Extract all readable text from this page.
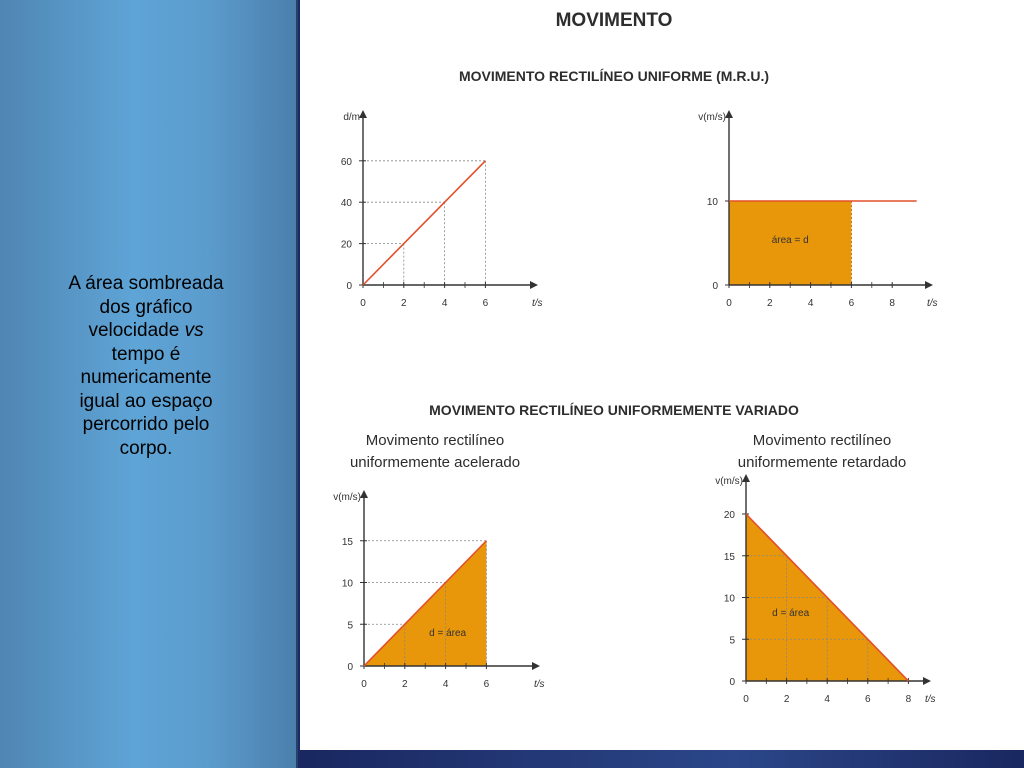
A área sombreada dos gráfico velocidade vs tempo é numericamente igual ao espaço percorrido pelo corpo.
MOVIMENTO
MOVIMENTO RECTILÍNEO UNIFORME (M.R.U.)
MOVIMENTO RECTILÍNEO UNIFORMEMENTE VARIADO
Movimento rectilíneo
uniformemente acelerado
Movimento rectilíneo
uniformemente retardado
0	2	4	6
0
20
40
60
t/s
d/m
0	2	4	6	8
0
10
t/s
v(m/s)
área = d
0	2	4	6
0
5
10
15
t/s
v(m/s)
d = área
0	2	4	6	8
0
5
10
15
20
t/s
v(m/s)
d = área
